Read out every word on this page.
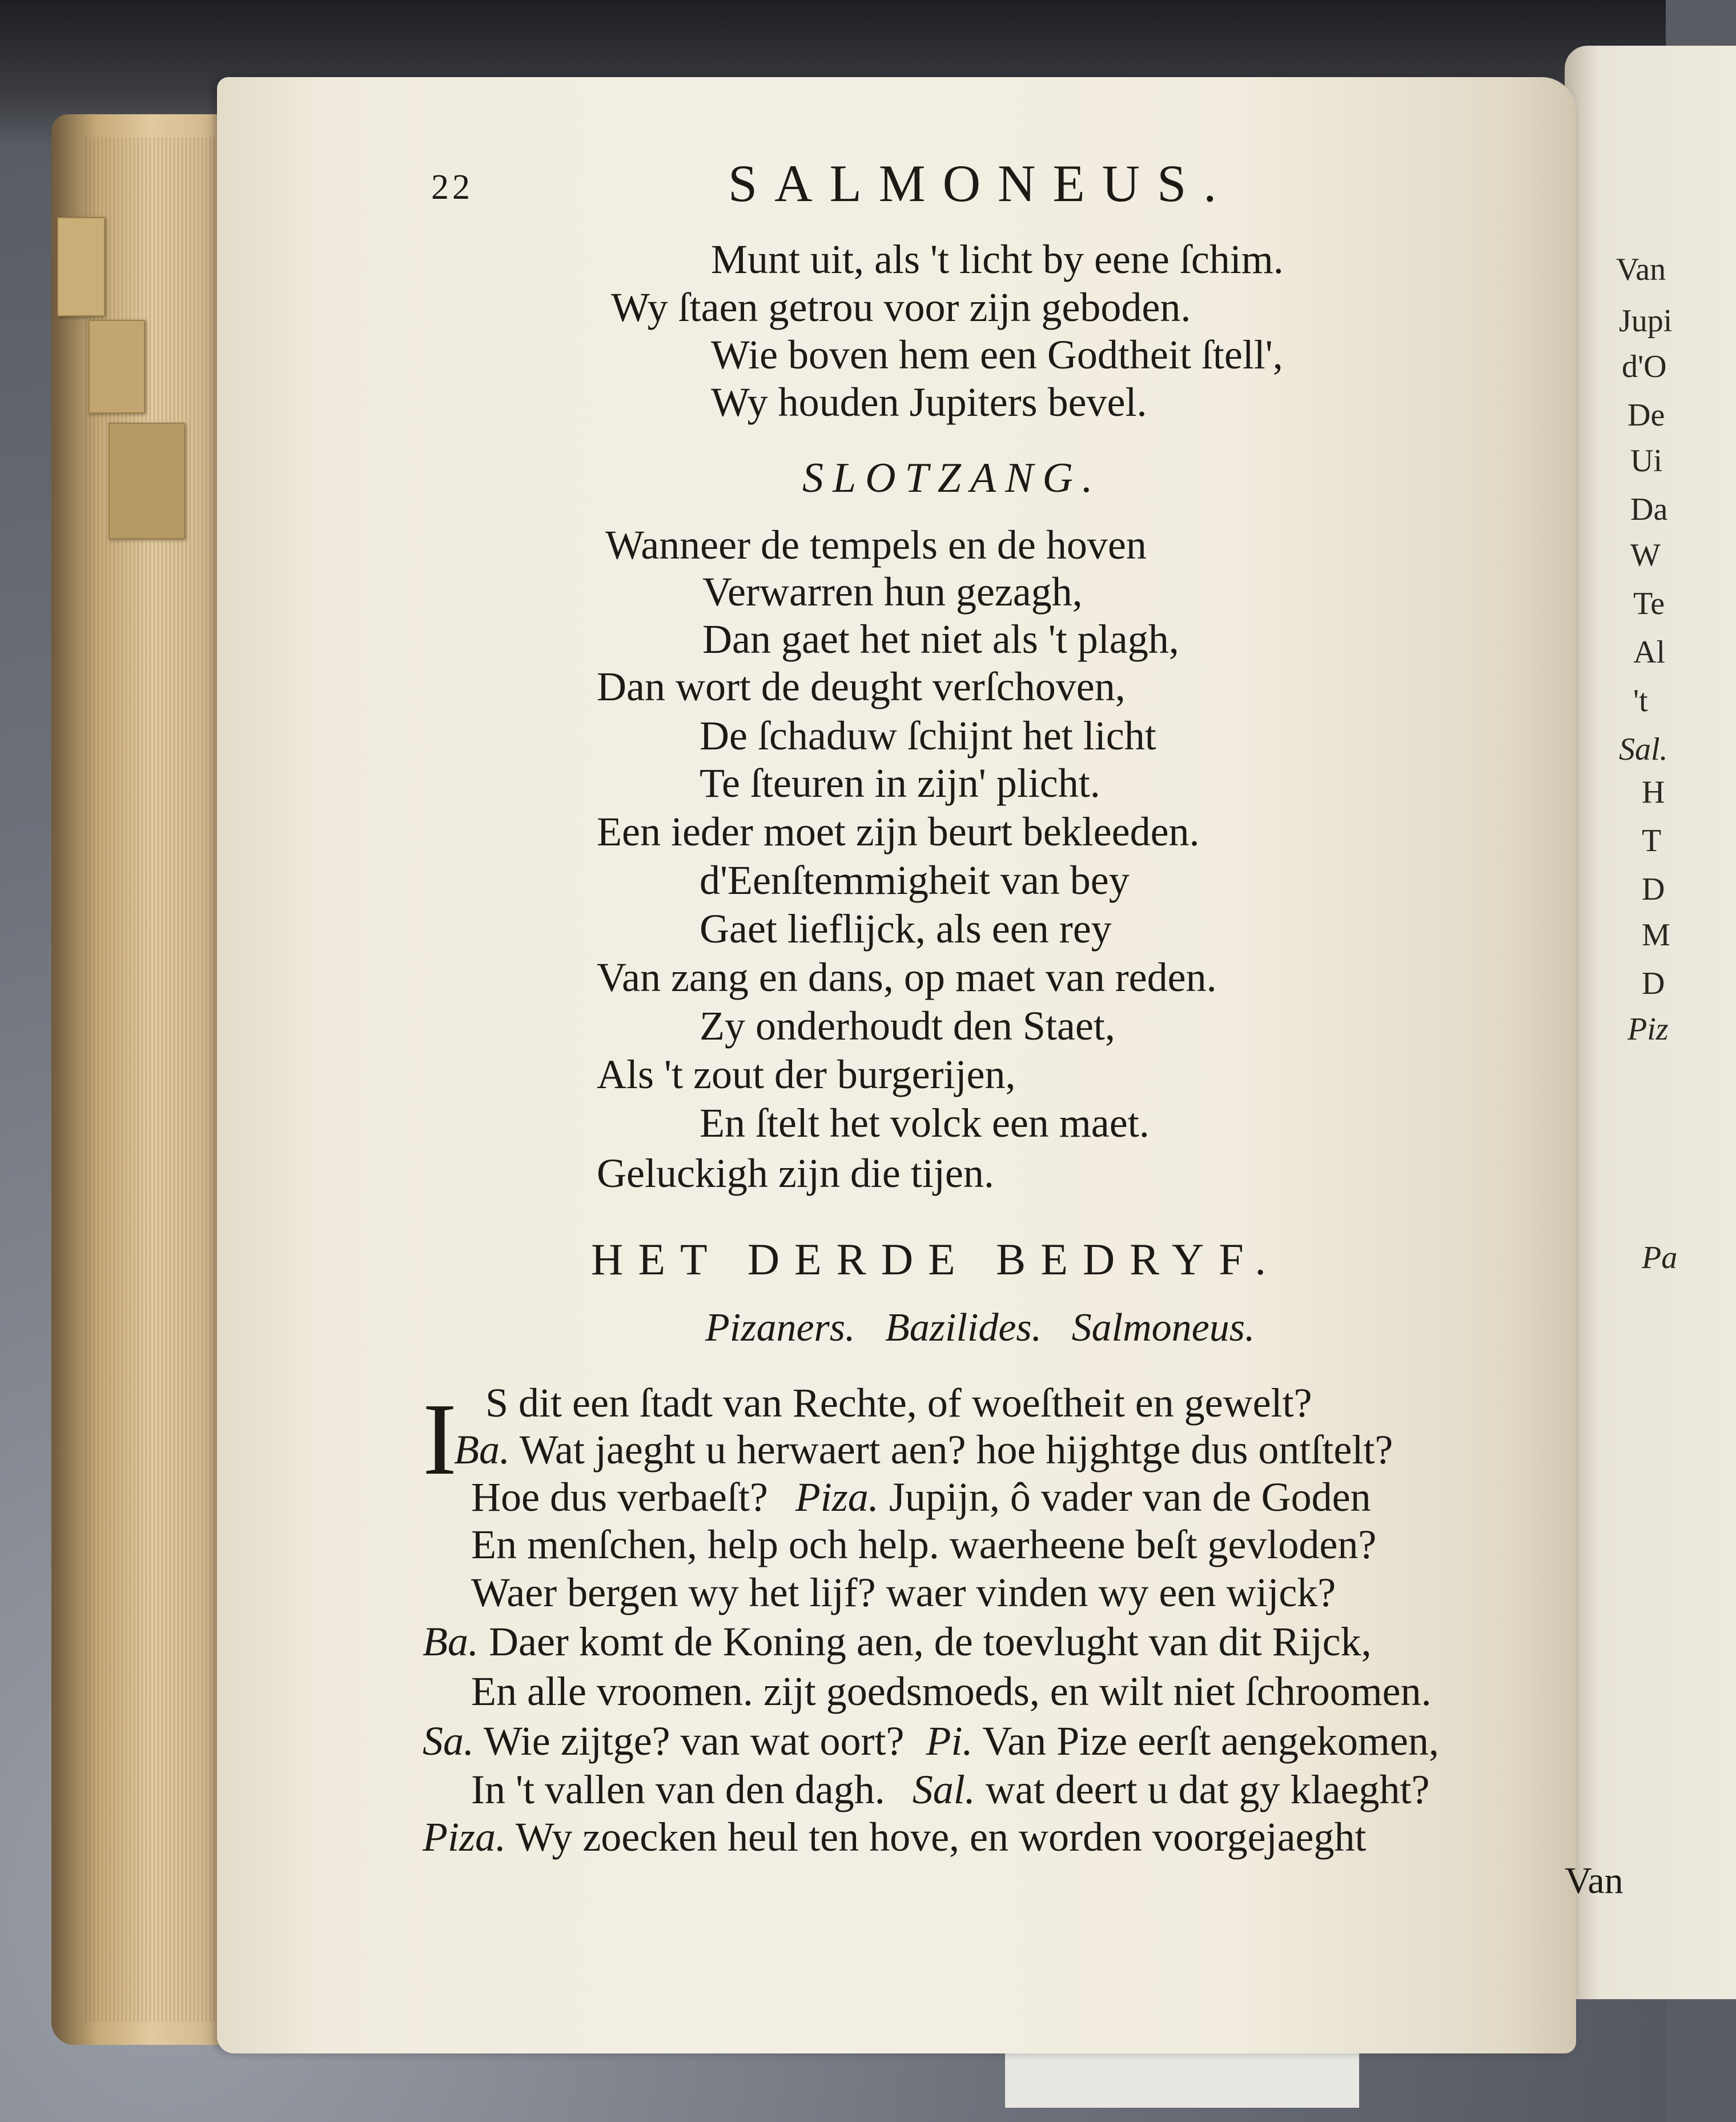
22	SALMONEUS.
Munt uit, als 't licht by eene ſchim.
Wy ſtaen getrou voor zijn geboden.
Wie boven hem een Godtheit ſtell',
Wy houden Jupiters bevel.
SLOTZANG.
Wanneer de tempels en de hoven
Verwarren hun gezagh,
Dan gaet het niet als 't plagh,
Dan wort de deught verſchoven,
De ſchaduw ſchijnt het licht
Te ſteuren in zijn' plicht.
Een ieder moet zijn beurt bekleeden.
d'Eenſtemmigheit van bey
Gaet lieflijck, als een rey
Van zang en dans, op maet van reden.
Zy onderhoudt den Staet,
Als 't zout der burgerijen,
En ſtelt het volck een maet.
Geluckigh zijn die tijen.
HET DERDE BEDRYF.
Pizaners.   Bazilides.   Salmoneus.
I S dit een ſtadt van Rechte, of woeſtheit en gewelt?
Ba. Wat jaeght u herwaert aen? hoe hijghtge dus ontſtelt?
Hoe dus verbaeſt? Piza. Jupijn, ô vader van de Goden
En menſchen, help och help. waerheene beſt gevloden?
Waer bergen wy het lijf? waer vinden wy een wijck?
Ba. Daer komt de Koning aen, de toevlught van dit Rijck,
En alle vroomen. zijt goedsmoeds, en wilt niet ſchroomen.
Sa. Wie zijtge? van wat oort? Pi. Van Pize eerſt aengekomen,
In 't vallen van den dagh. Sal. wat deert u dat gy klaeght?
Piza. Wy zoecken heul ten hove, en worden voorgejaeght
Van
Van
Jupi
d'O
De
Ui
Da
W
Te
Al
't
Sal.
H
T
D
M
D
Piz
Pa
